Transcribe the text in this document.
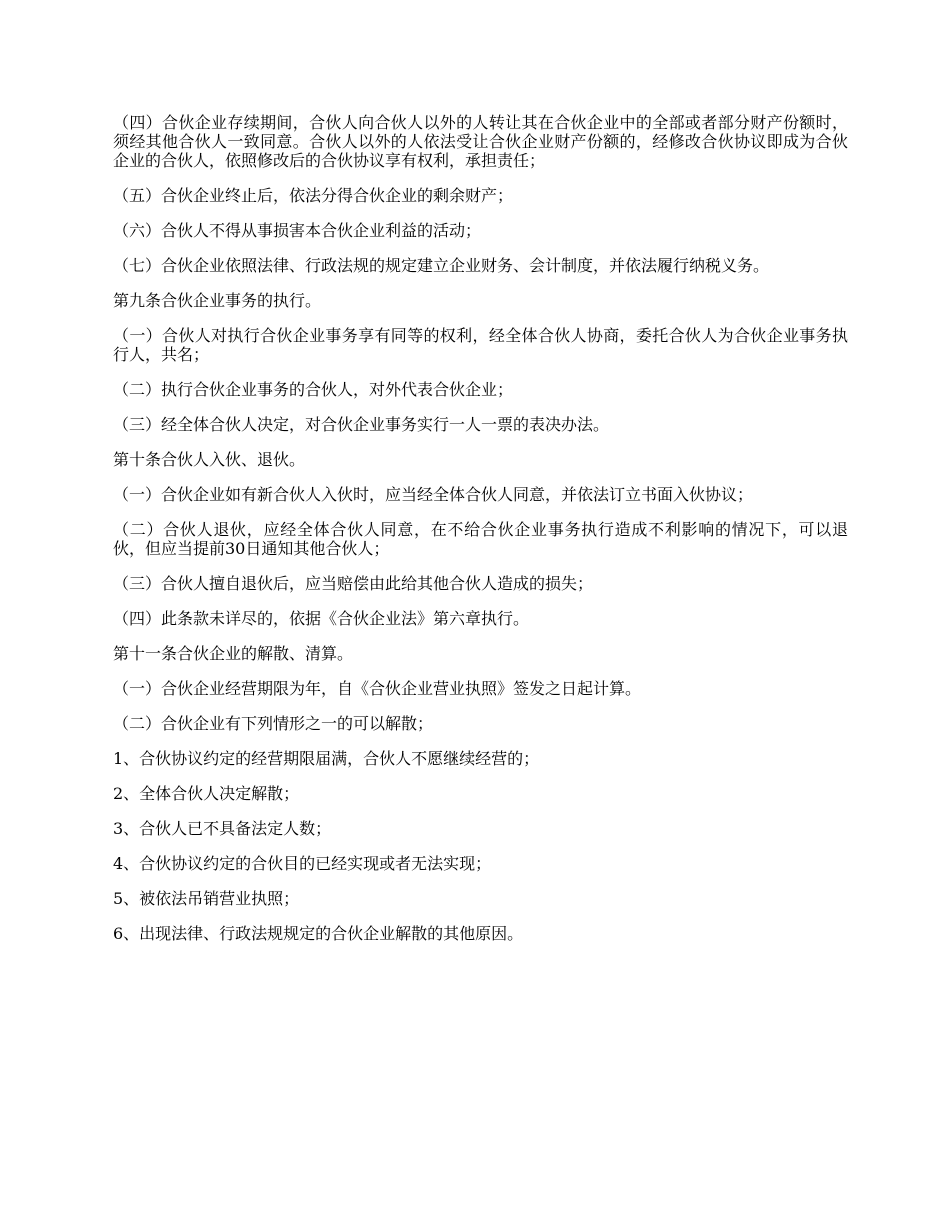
（四）合伙企业存续期间，合伙人向合伙人以外的人转让其在合伙企业中的全部或者部分财产份额时，须经其他合伙人一致同意。合伙人以外的人依法受让合伙企业财产份额的，经修改合伙协议即成为合伙企业的合伙人，依照修改后的合伙协议享有权利，承担责任；

（五）合伙企业终止后，依法分得合伙企业的剩余财产；

（六）合伙人不得从事损害本合伙企业利益的活动；

（七）合伙企业依照法律、行政法规的规定建立企业财务、会计制度，并依法履行纳税义务。

第九条合伙企业事务的执行。

（一）合伙人对执行合伙企业事务享有同等的权利，经全体合伙人协商，委托合伙人为合伙企业事务执行人，共名；

（二）执行合伙企业事务的合伙人，对外代表合伙企业；

（三）经全体合伙人决定，对合伙企业事务实行一人一票的表决办法。

第十条合伙人入伙、退伙。

（一）合伙企业如有新合伙人入伙时，应当经全体合伙人同意，并依法订立书面入伙协议；

（二）合伙人退伙，应经全体合伙人同意，在不给合伙企业事务执行造成不利影响的情况下，可以退伙，但应当提前30日通知其他合伙人；

（三）合伙人擅自退伙后，应当赔偿由此给其他合伙人造成的损失；

（四）此条款未详尽的，依据《合伙企业法》第六章执行。

第十一条合伙企业的解散、清算。

（一）合伙企业经营期限为年，自《合伙企业营业执照》签发之日起计算。

（二）合伙企业有下列情形之一的可以解散；

1、合伙协议约定的经营期限届满，合伙人不愿继续经营的；

2、全体合伙人决定解散；

3、合伙人已不具备法定人数；

4、合伙协议约定的合伙目的已经实现或者无法实现；

5、被依法吊销营业执照；

6、出现法律、行政法规规定的合伙企业解散的其他原因。
